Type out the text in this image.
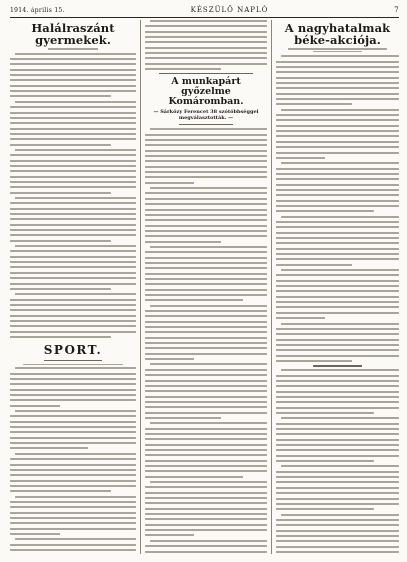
1914. április 15.	KÉSZÜLŐ NAPLÓ	7
Halálraszánt gyermekek.
SPORT.
A munkapárt győzelme Komáromban.
— Sárközy Ferencet 38 szótöbbséggel megválasztották. —
A nagyhatalmak béke-akciója.
